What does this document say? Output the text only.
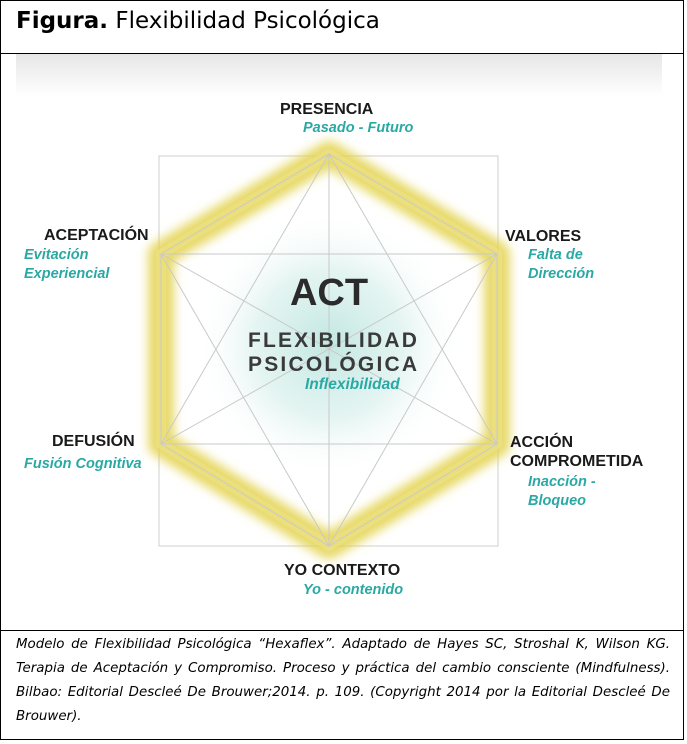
Figura. Flexibilidad Psicológica
ACT
FLEXIBILIDAD
PSICOLÓGICA
Inflexibilidad
PRESENCIA
Pasado - Futuro
VALORES
Falta de
Dirección
ACCIÓN
COMPROMETIDA
Inacción -
Bloqueo
YO CONTEXTO
Yo - contenido
DEFUSIÓN
Fusión Cognitiva
ACEPTACIÓN
Evitación
Experiencial
Modelo de Flexibilidad Psicológica “Hexaflex”. Adaptado de Hayes SC, Stroshal K, Wilson KG. Terapia de Aceptación y Compromiso. Proceso y práctica del cambio consciente (Mindfulness). Bilbao: Editorial Descleé De Brouwer;2014. p. 109. (Copyright 2014 por la Editorial Descleé De Brouwer).
